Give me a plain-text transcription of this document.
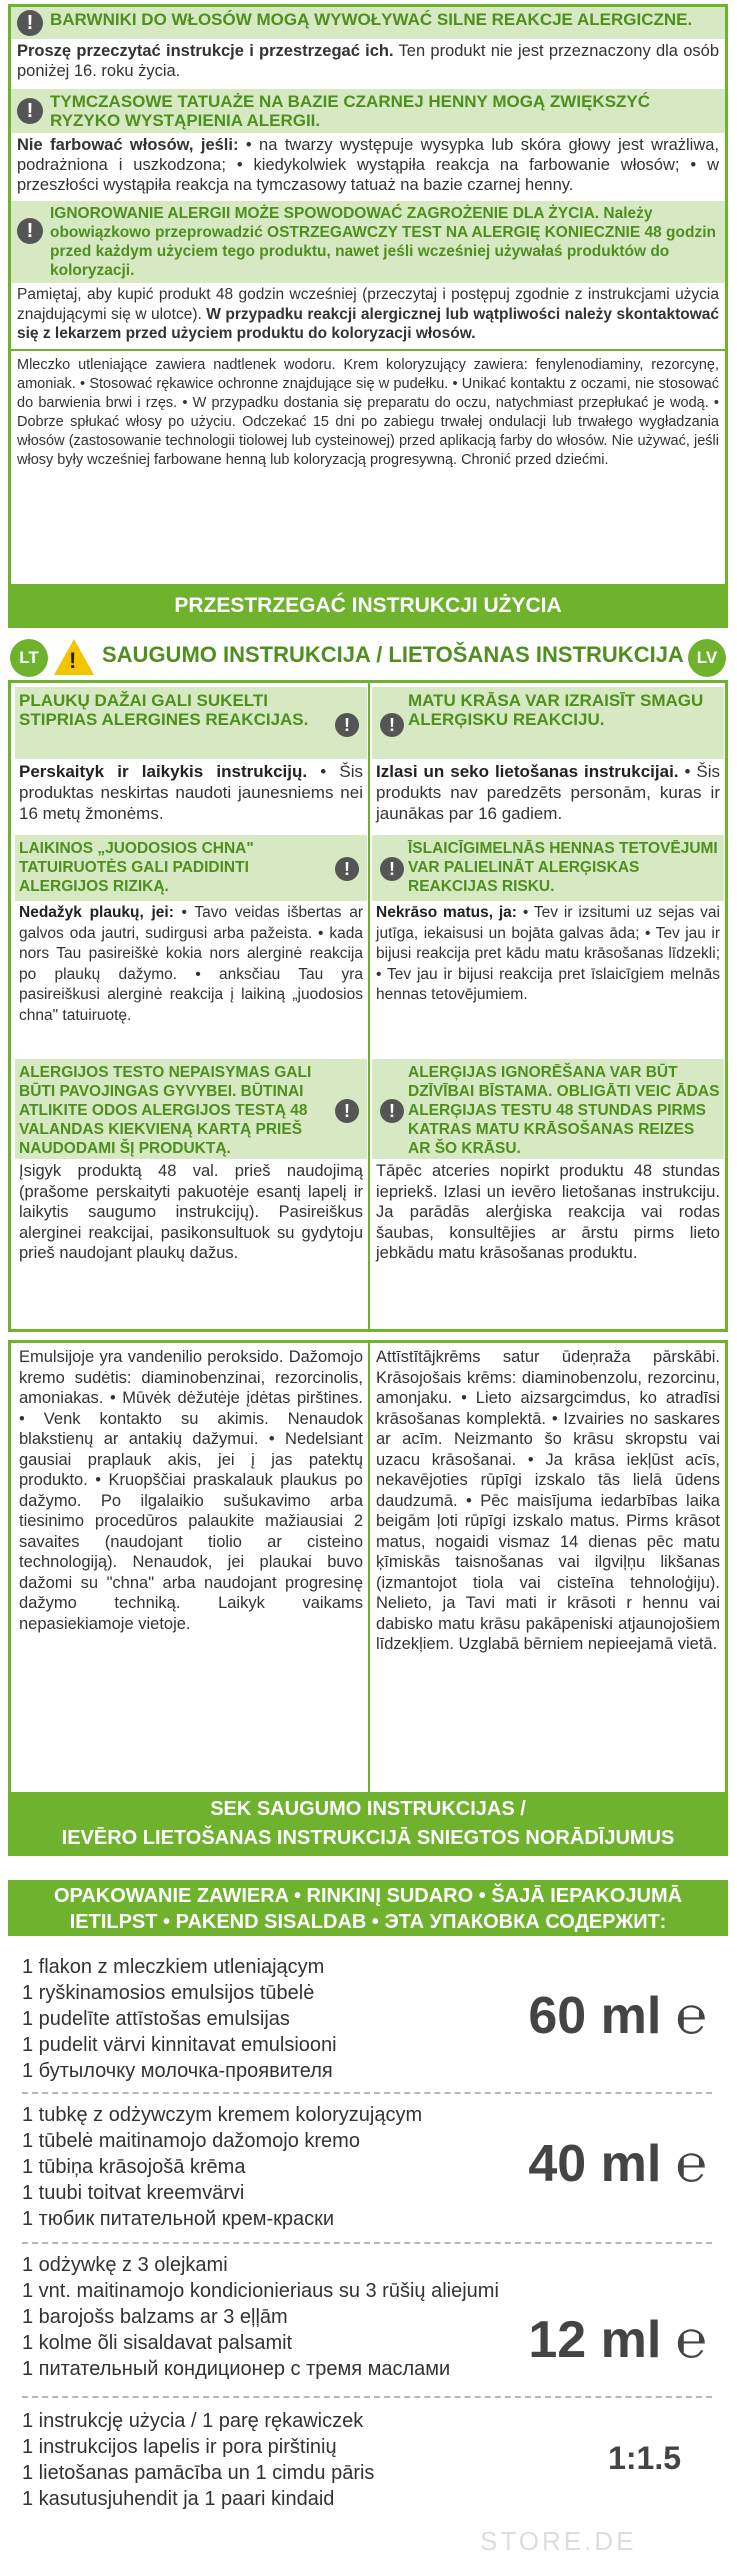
! BARWNIKI DO WŁOSÓW MOGĄ WYWOŁYWAĆ SILNE REAKCJE ALERGICZNE.
Proszę przeczytać instrukcje i przestrzegać ich. Ten produkt nie jest przeznaczony dla osób poniżej 16. roku życia.
! TYMCZASOWE TATUAŻE NA BAZIE CZARNEJ HENNY MOGĄ ZWIĘKSZYĆ RYZYKO WYSTĄPIENIA ALERGII.
Nie farbować włosów, jeśli: • na twarzy występuje wysypka lub skóra głowy jest wrażliwa, podrażniona i uszkodzona; • kiedykolwiek wystąpiła reakcja na farbowanie włosów; • w przeszłości wystąpiła reakcja na tymczasowy tatuaż na bazie czarnej henny.
!
IGNOROWANIE ALERGII MOŻE SPOWODOWAĆ ZAGROŻENIE DLA ŻYCIA. Należy obowiązkowo przeprowadzić OSTRZEGAWCZY TEST NA ALERGIĘ KONIECZNIE 48 godzin przed każdym użyciem tego produktu, nawet jeśli wcześniej używałaś produktów do koloryzacji.
Pamiętaj, aby kupić produkt 48 godzin wcześniej (przeczytaj i postępuj zgodnie z instrukcjami użycia znajdującymi się w ulotce). W przypadku reakcji alergicznej lub wątpliwości należy skontaktować się z lekarzem przed użyciem produktu do koloryzacji włosów.
Mleczko utleniające zawiera nadtlenek wodoru. Krem koloryzujący zawiera: fenylenodiaminy, rezorcynę, amoniak. • Stosować rękawice ochronne znajdujące się w pudełku. • Unikać kontaktu z oczami, nie stosować do barwienia brwi i rzęs. • W przypadku dostania się preparatu do oczu, natychmiast przepłukać je wodą. • Dobrze spłukać włosy po użyciu. Odczekać 15 dni po zabiegu trwałej ondulacji lub trwałego wygładzania włosów (zastosowanie technologii tiolowej lub cysteinowej) przed aplikacją farby do włosów. Nie używać, jeśli włosy były wcześniej farbowane henną lub koloryzacją progresywną. Chronić przed dziećmi.
PRZESTRZEGAĆ INSTRUKCJI UŻYCIA
LT	! SAUGUMO INSTRUKCIJA / LIETOŠANAS INSTRUKCIJA LV
PLAUKŲ DAŽAI GALI SUKELTI STIPRIAS ALERGINES REAKCIJAS.	!
Perskaityk ir laikykis instrukcijų. • Šis produktas neskirtas naudoti jaunesniems nei 16 metų žmonėms.
LAIKINOS „JUODOSIOS CHNA" TATUIRUOTĖS GALI PADIDINTI ALERGIJOS RIZIKĄ.
!
Nedažyk plaukų, jei: • Tavo veidas išbertas ar galvos oda jautri, sudirgusi arba pažeista. • kada nors Tau pasireiškė kokia nors alerginė reakcija po plaukų dažymo. • anksčiau Tau yra pasireiškusi alerginė reakcija į laikiną „juodosios chna" tatuiruotę.
ALERGIJOS TESTO NEPAISYMAS GALI BŪTI PAVOJINGAS GYVYBEI. BŪTINAI ATLIKITE ODOS ALERGIJOS TESTĄ 48 VALANDAS KIEKVIENĄ KARTĄ PRIEŠ NAUDODAMI ŠĮ PRODUKTĄ.
!
Įsigyk produktą 48 val. prieš naudojimą (prašome perskaityti pakuotėje esantį lapelį ir laikytis saugumo instrukcijų). Pasireiškus alerginei reakcijai, pasikonsultuok su gydytoju prieš naudojant plaukų dažus.
!
MATU KRĀSA VAR IZRAISĪT SMAGU ALERĢISKU REAKCIJU.
Izlasi un seko lietošanas instrukcijai. • Šis produkts nav paredzēts personām, kuras ir jaunākas par 16 gadiem.
!
ĪSLAICĪGIMELNĀS HENNAS TETOVĒJUMI VAR PALIELINĀT ALERĢISKAS REAKCIJAS RISKU.
Nekrāso matus, ja: • Tev ir izsitumi uz sejas vai jutīga, iekaisusi un bojāta galvas āda; • Tev jau ir bijusi reakcija pret kādu matu krāsošanas līdzekli; • Tev jau ir bijusi reakcija pret īslaicīgiem melnās hennas tetovējumiem.
!
ALERĢIJAS IGNORĒŠANA VAR BŪT DZĪVĪBAI BĪSTAMA. OBLIGĀTI VEIC ĀDAS ALERĢIJAS TESTU 48 STUNDAS PIRMS KATRAS MATU KRĀSOŠANAS REIZES AR ŠO KRĀSU.
Tāpēc atceries nopirkt produktu 48 stundas iepriekš. Izlasi un ievēro lietošanas instrukciju. Ja parādās alerģiska reakcija vai rodas šaubas, konsultējies ar ārstu pirms lieto jebkādu matu krāsošanas produktu.
Emulsijoje yra vandenilio peroksido. Dažomojo kremo sudėtis: diaminobenzinai, rezorcinolis, amoniakas. • Mūvėk dėžutėje įdėtas pirštines. • Venk kontakto su akimis. Nenaudok blakstienų ar antakių dažymui. • Nedelsiant gausiai praplauk akis, jei į jas patektų produkto. • Kruopščiai praskalauk plaukus po dažymo. Po ilgalaikio sušukavimo arba tiesinimo procedūros palaukite mažiausiai 2 savaites (naudojant tiolio ar cisteino technologiją). Nenaudok, jei plaukai buvo dažomi su "chna" arba naudojant progresinę dažymo techniką. Laikyk vaikams nepasiekiamoje vietoje.
Attīstītājkrēms satur ūdeņraža pārskābi. Krāsojošais krēms: diaminobenzolu, rezorcinu, amonjaku. • Lieto aizsargcimdus, ko atradīsi krāsošanas komplektā. • Izvairies no saskares ar acīm. Neizmanto šo krāsu skropstu vai uzacu krāsošanai. • Ja krāsa iekļūst acīs, nekavējoties rūpīgi izskalo tās lielā ūdens daudzumā. • Pēc maisījuma iedarbības laika beigām ļoti rūpīgi izskalo matus. Pirms krāsot matus, nogaidi vismaz 14 dienas pēc matu ķīmiskās taisnošanas vai ilgviļņu likšanas (izmantojot tiola vai cisteīna tehnoloģiju). Nelieto, ja Tavi mati ir krāsoti r hennu vai dabisko matu krāsu pakāpeniski atjaunojošiem līdzekļiem. Uzglabā bērniem nepieejamā vietā.
SEK SAUGUMO INSTRUKCIJAS /
IEVĒRO LIETOŠANAS INSTRUKCIJĀ SNIEGTOS NORĀDĪJUMUS
OPAKOWANIE ZAWIERA • RINKINĮ SUDARO • ŠAJĀ IEPAKOJUMĀ
IETILPST • PAKEND SISALDAB • ЭТА УПАКОВКА СОДЕРЖИТ:
1 flakon z mleczkiem utleniającym
1 ryškinamosios emulsijos tūbelė
1 pudelīte attīstošas emulsijas
1 pudelit värvi kinnitavat emulsiooni
1 бутылочку молочка-проявителя
60 ml ℮
1 tubkę z odżywczym kremem koloryzującym
1 tūbelė maitinamojo dažomojo kremo
1 tūbiņa krāsojošā krēma
1 tuubi toitvat kreemvärvi
1 тюбик питательной крем-краски
40 ml ℮
1 odżywkę z 3 olejkami
1 vnt. maitinamojo kondicionieriaus su 3 rūšių aliejumi
1 barojošs balzams ar 3 eļļām
1 kolme õli sisaldavat palsamit
1 питательный кондиционер с тремя маслами	12 ml ℮
1 instrukcję użycia / 1 parę rękawiczek
1 instrukcijos lapelis ir pora pirštinių
1 lietošanas pamācība un 1 cimdu pāris
1 kasutusjuhendit ja 1 paari kindaid
1:1.5
STORE.DE
